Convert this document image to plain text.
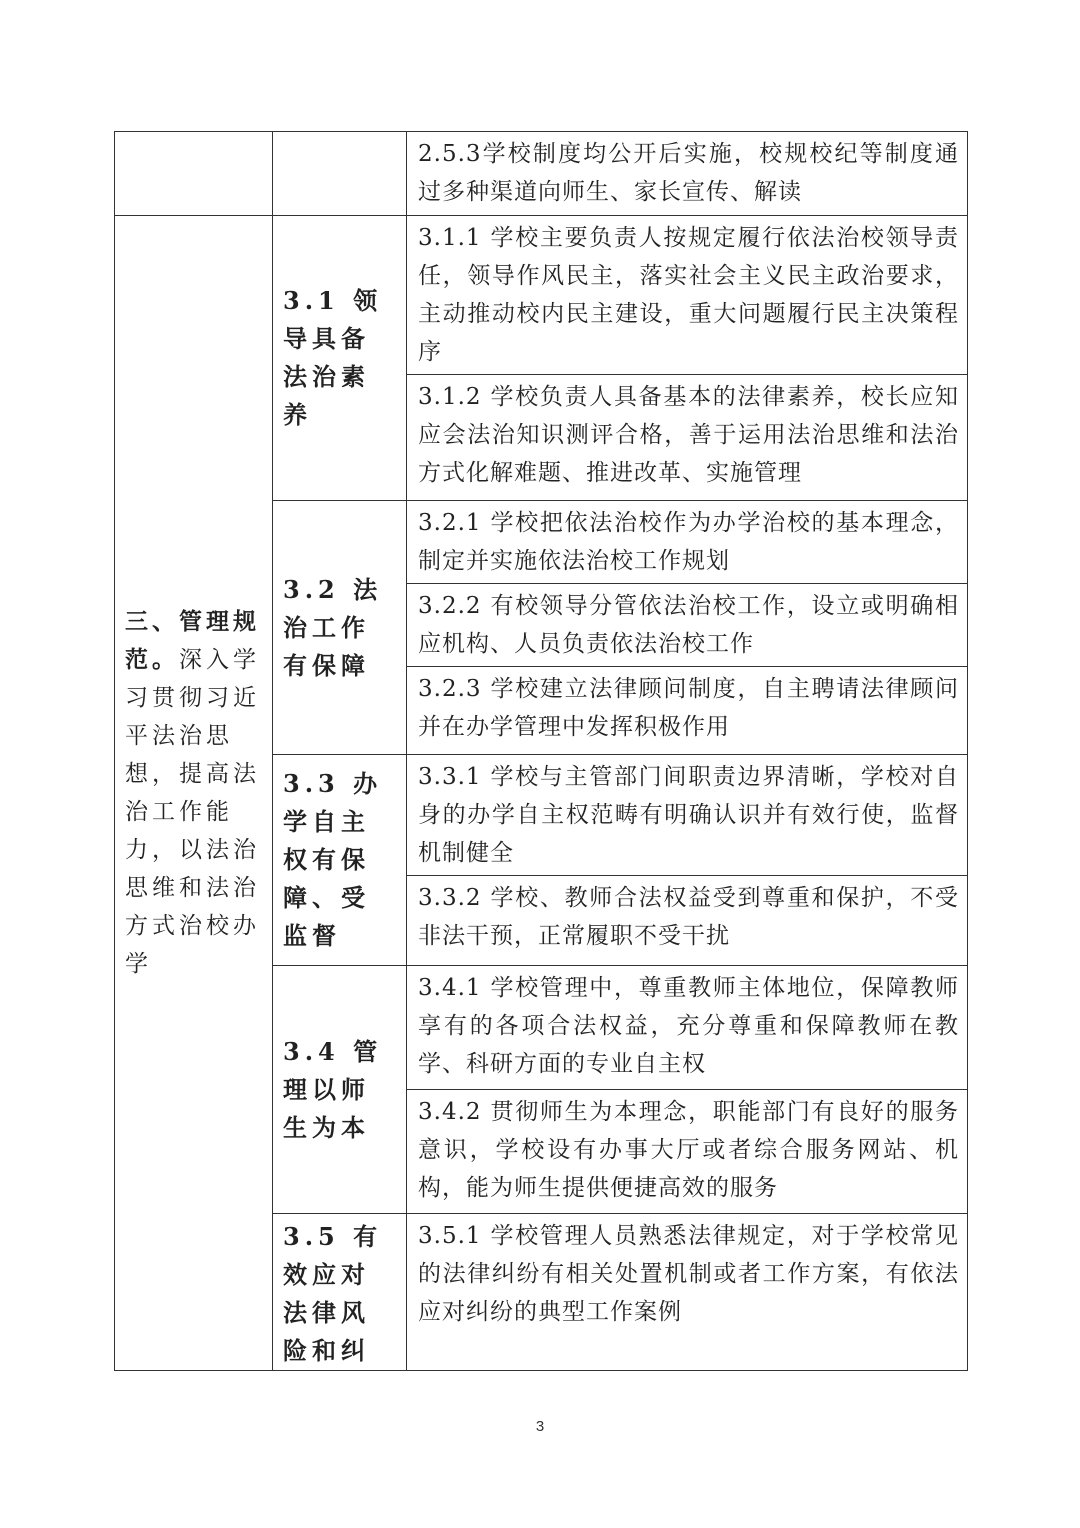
		2.5.3学校制度均公开后实施，校规校纪等制度通过多种渠道向师生、家长宣传、解读

三、管理规范。深入学习贯彻习近平法治思想，提高法治工作能力，以法治思维和法治方式治校办学	3.1 领导具备法治素养	3.1.1 学校主要负责人按规定履行依法治校领导责任，领导作风民主，落实社会主义民主政治要求，主动推动校内民主建设，重大问题履行民主决策程序

		3.1.2 学校负责人具备基本的法律素养，校长应知应会法治知识测评合格，善于运用法治思维和法治方式化解难题、推进改革、实施管理

	3.2 法治工作有保障	3.2.1 学校把依法治校作为办学治校的基本理念，制定并实施依法治校工作规划

		3.2.2 有校领导分管依法治校工作，设立或明确相应机构、人员负责依法治校工作

		3.2.3 学校建立法律顾问制度，自主聘请法律顾问并在办学管理中发挥积极作用

	3.3 办学自主权有保障、受监督	3.3.1 学校与主管部门间职责边界清晰，学校对自身的办学自主权范畴有明确认识并有效行使，监督机制健全

		3.3.2 学校、教师合法权益受到尊重和保护，不受非法干预，正常履职不受干扰

	3.4 管理以师生为本	3.4.1 学校管理中，尊重教师主体地位，保障教师享有的各项合法权益，充分尊重和保障教师在教学、科研方面的专业自主权

		3.4.2 贯彻师生为本理念，职能部门有良好的服务意识，学校设有办事大厅或者综合服务网站、机构，能为师生提供便捷高效的服务

	3.5 有效应对法律风险和纠	3.5.1 学校管理人员熟悉法律规定，对于学校常见的法律纠纷有相关处置机制或者工作方案，有依法应对纠纷的典型工作案例
3
